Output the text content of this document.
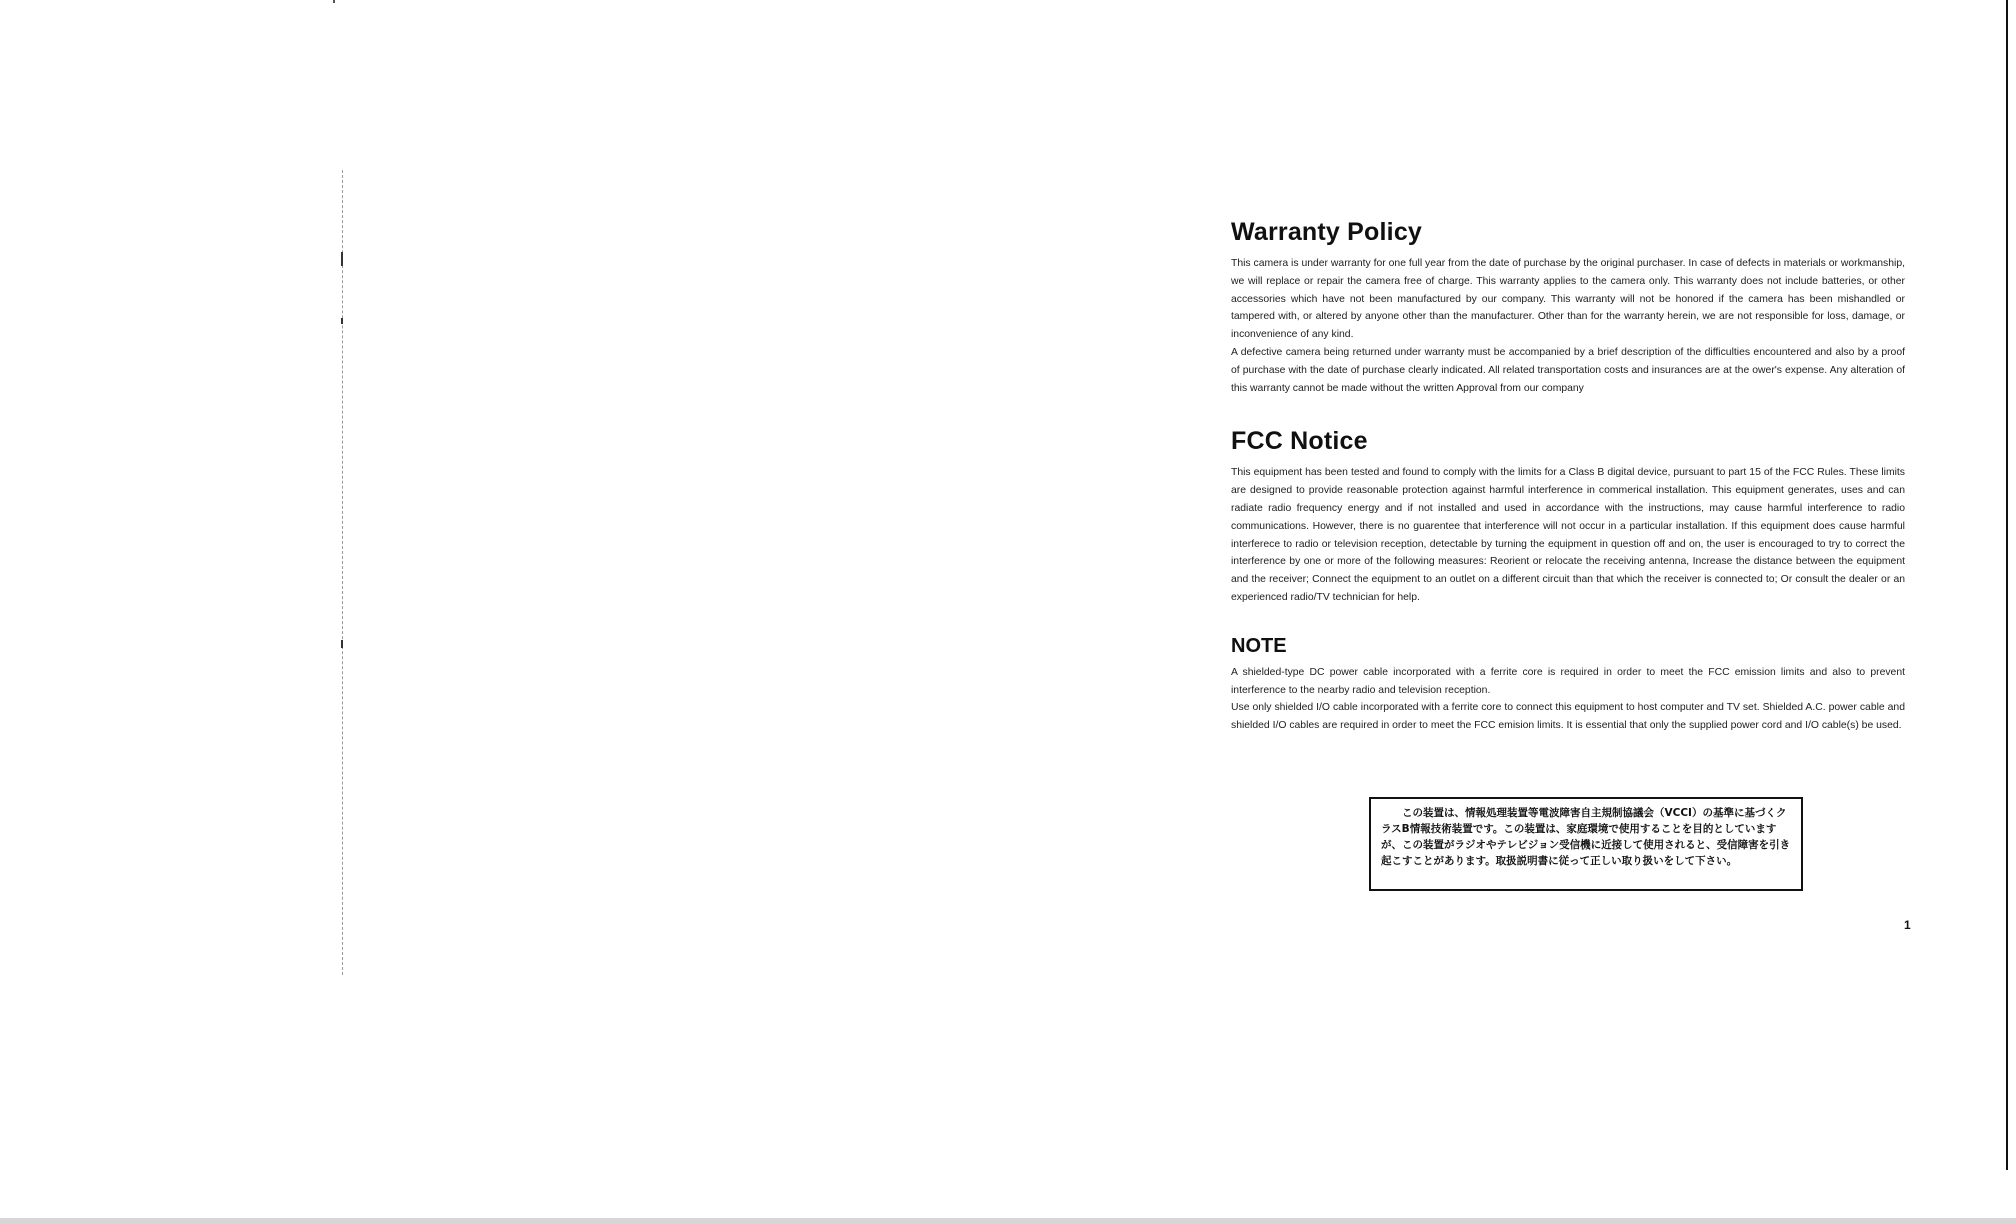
Warranty Policy

This camera is under warranty for one full year from the date of purchase by the original purchaser. In case of defects in materials or workmanship, we will replace or repair the camera free of charge. This warranty applies to the camera only. This warranty does not include batteries, or other accessories which have not been manufactured by our company. This warranty will not be honored if the camera has been mishandled or tampered with, or altered by anyone other than the manufacturer. Other than for the warranty herein, we are not responsible for loss, damage, or inconvenience of any kind.

A defective camera being returned under warranty must be accompanied by a brief description of the difficulties encountered and also by a proof of purchase with the date of purchase clearly indicated. All related transportation costs and insurances are at the ower's expense. Any alteration of this warranty cannot be made without the written Approval from our company

FCC Notice

This equipment has been tested and found to comply with the limits for a Class B digital device, pursuant to part 15 of the FCC Rules. These limits are designed to provide reasonable protection against harmful interference in commerical installation. This equipment generates, uses and can radiate radio frequency energy and if not installed and used in accordance with the instructions, may cause harmful interference to radio communications. However, there is no guarentee that interference will not occur in a particular installation. If this equipment does cause harmful interferece to radio or television reception, detectable by turning the equipment in question off and on, the user is encouraged to try to correct the interference by one or more of the following measures: Reorient or relocate the receiving antenna, Increase the distance between the equipment and the receiver; Connect the equipment to an outlet on a different circuit than that which the receiver is connected to; Or consult the dealer or an experienced radio/TV technician for help.

NOTE

A shielded-type DC power cable incorporated with a ferrite core is required in order to meet the FCC emission limits and also to prevent interference to the nearby radio and television reception.

Use only shielded I/O cable incorporated with a ferrite core to connect this equipment to host computer and TV set. Shielded A.C. power cable and shielded I/O cables are required in order to meet the FCC emision limits. It is essential that only the supplied power cord and I/O cable(s) be used.

この装置は、情報処理装置等電波障害自主規制協議会（VCCI）の基準に基づくクラスB情報技術装置です。この装置は、家庭環境で使用することを目的としていますが、この装置がラジオやテレビジョン受信機に近接して使用されると、受信障害を引き起こすことがあります。取扱説明書に従って正しい取り扱いをして下さい。

1
